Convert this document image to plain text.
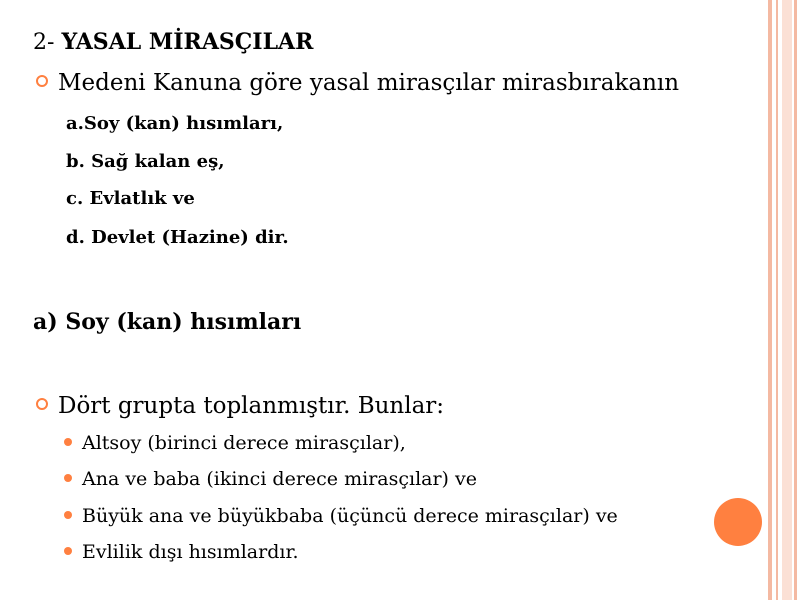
2- YASAL MİRASÇILAR
Medeni Kanuna göre yasal mirasçılar mirasbırakanın
a.Soy (kan) hısımları,
b. Sağ kalan eş,
c. Evlatlık ve
d. Devlet (Hazine) dir.
a) Soy (kan) hısımları
Dört grupta toplanmıştır. Bunlar:
Altsoy (birinci derece mirasçılar),
Ana ve baba (ikinci derece mirasçılar) ve
Büyük ana ve büyükbaba (üçüncü derece mirasçılar) ve
Evlilik dışı hısımlardır.
